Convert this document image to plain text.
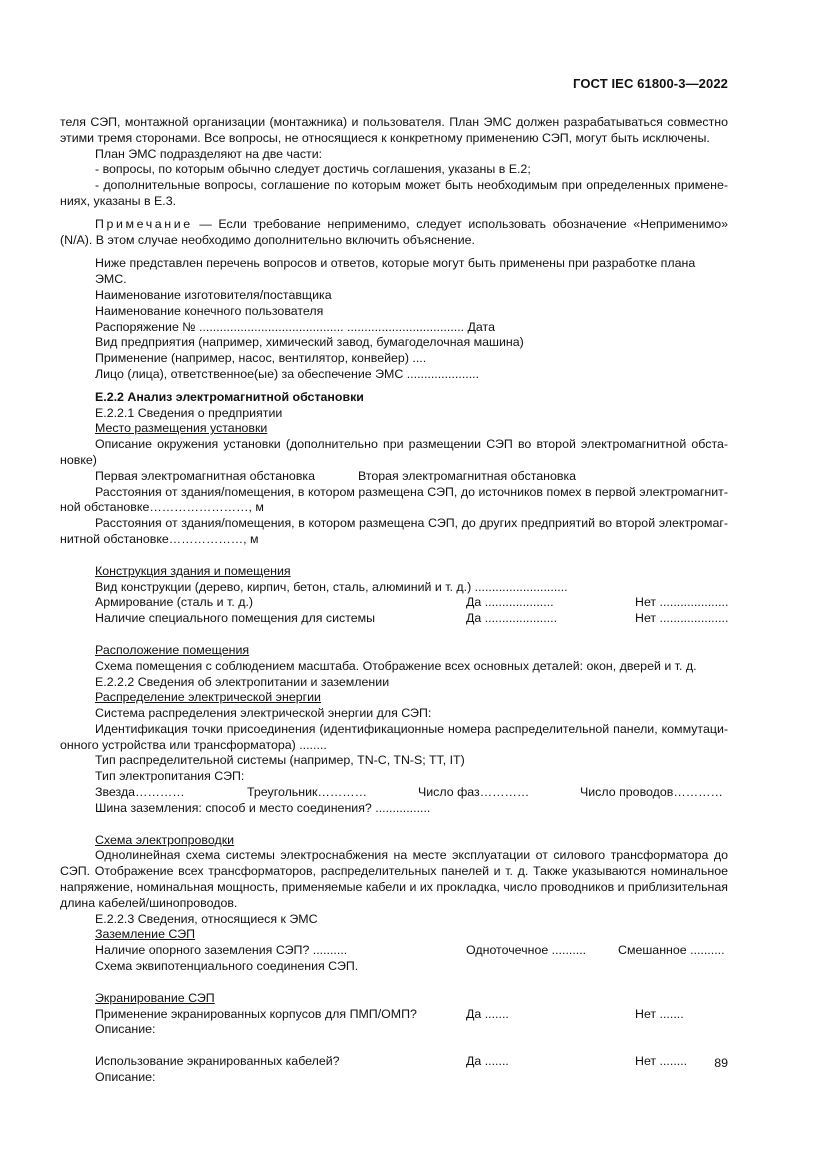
ГОСТ IEC 61800-3—2022
теля СЭП, монтажной организации (монтажника) и пользователя. План ЭМС должен разрабатываться совместно
этими тремя сторонами. Все вопросы, не относящиеся к конкретному применению СЭП, могут быть исключены.
План ЭМС подразделяют на две части:
- вопросы, по которым обычно следует достичь соглашения, указаны в Е.2;
- дополнительные вопросы, соглашение по которым может быть необходимым при определенных примене-
ниях, указаны в Е.3.
Примечание — Если требование неприменимо, следует использовать обозначение «Неприменимо»
(N/A). В этом случае необходимо дополнительно включить объяснение.
Ниже представлен перечень вопросов и ответов, которые могут быть применены при разработке плана ЭМС.
Наименование изготовителя/поставщика
Наименование конечного пользователя
Распоряжение № .......................................... .................................. Дата
Вид предприятия (например, химический завод, бумагоделочная машина)
Применение (например, насос, вентилятор, конвейер) ....
Лицо (лица), ответственное(ые) за обеспечение ЭМС .....................
Е.2.2 Анализ электромагнитной обстановки
Е.2.2.1 Сведения о предприятии
Место размещения установки
Описание окружения установки (дополнительно при размещении СЭП во второй электромагнитной обста-
новке)
Первая электромагнитная обстановка	Вторая электромагнитная обстановка
Расстояния от здания/помещения, в котором размещена СЭП, до источников помех в первой электромагнит-
ной обстановке……………………, м
Расстояния от здания/помещения, в котором размещена СЭП, до других предприятий во второй электромаг-
нитной обстановке………………, м
Конструкция здания и помещения
Вид конструкции (дерево, кирпич, бетон, сталь, алюминий и т. д.) ...........................
Армирование (сталь и т. д.)	Да ....................	Нет ....................
Наличие специального помещения для системы	Да .....................	Нет ....................
Расположение помещения
Схема помещения с соблюдением масштаба. Отображение всех основных деталей: окон, дверей и т. д.
Е.2.2.2 Сведения об электропитании и заземлении
Распределение электрической энергии
Система распределения электрической энергии для СЭП:
Идентификация точки присоединения (идентификационные номера распределительной панели, коммутаци-
онного устройства или трансформатора) ........
Тип распределительной системы (например, TN-C, TN-S; TT, IT)
Тип электропитания СЭП:
Звезда…………	Треугольник…………	Число фаз…………	Число проводов…………
Шина заземления: способ и место соединения? ................
Схема электропроводки
Однолинейная схема системы электроснабжения на месте эксплуатации от силового трансформатора до
СЭП. Отображение всех трансформаторов, распределительных панелей и т. д. Также указываются номинальное
напряжение, номинальная мощность, применяемые кабели и их прокладка, число проводников и приблизительная
длина кабелей/шинопроводов.
Е.2.2.3 Сведения, относящиеся к ЭМС
Заземление СЭП
Наличие опорного заземления СЭП? ..........	Одноточечное ..........	Смешанное ..........
Схема эквипотенциального соединения СЭП.
Экранирование СЭП
Применение экранированных корпусов для ПМП/ОМП?	Да .......	Нет .......
Описание:
Использование экранированных кабелей?	Да .......	Нет ........
Описание:
89
